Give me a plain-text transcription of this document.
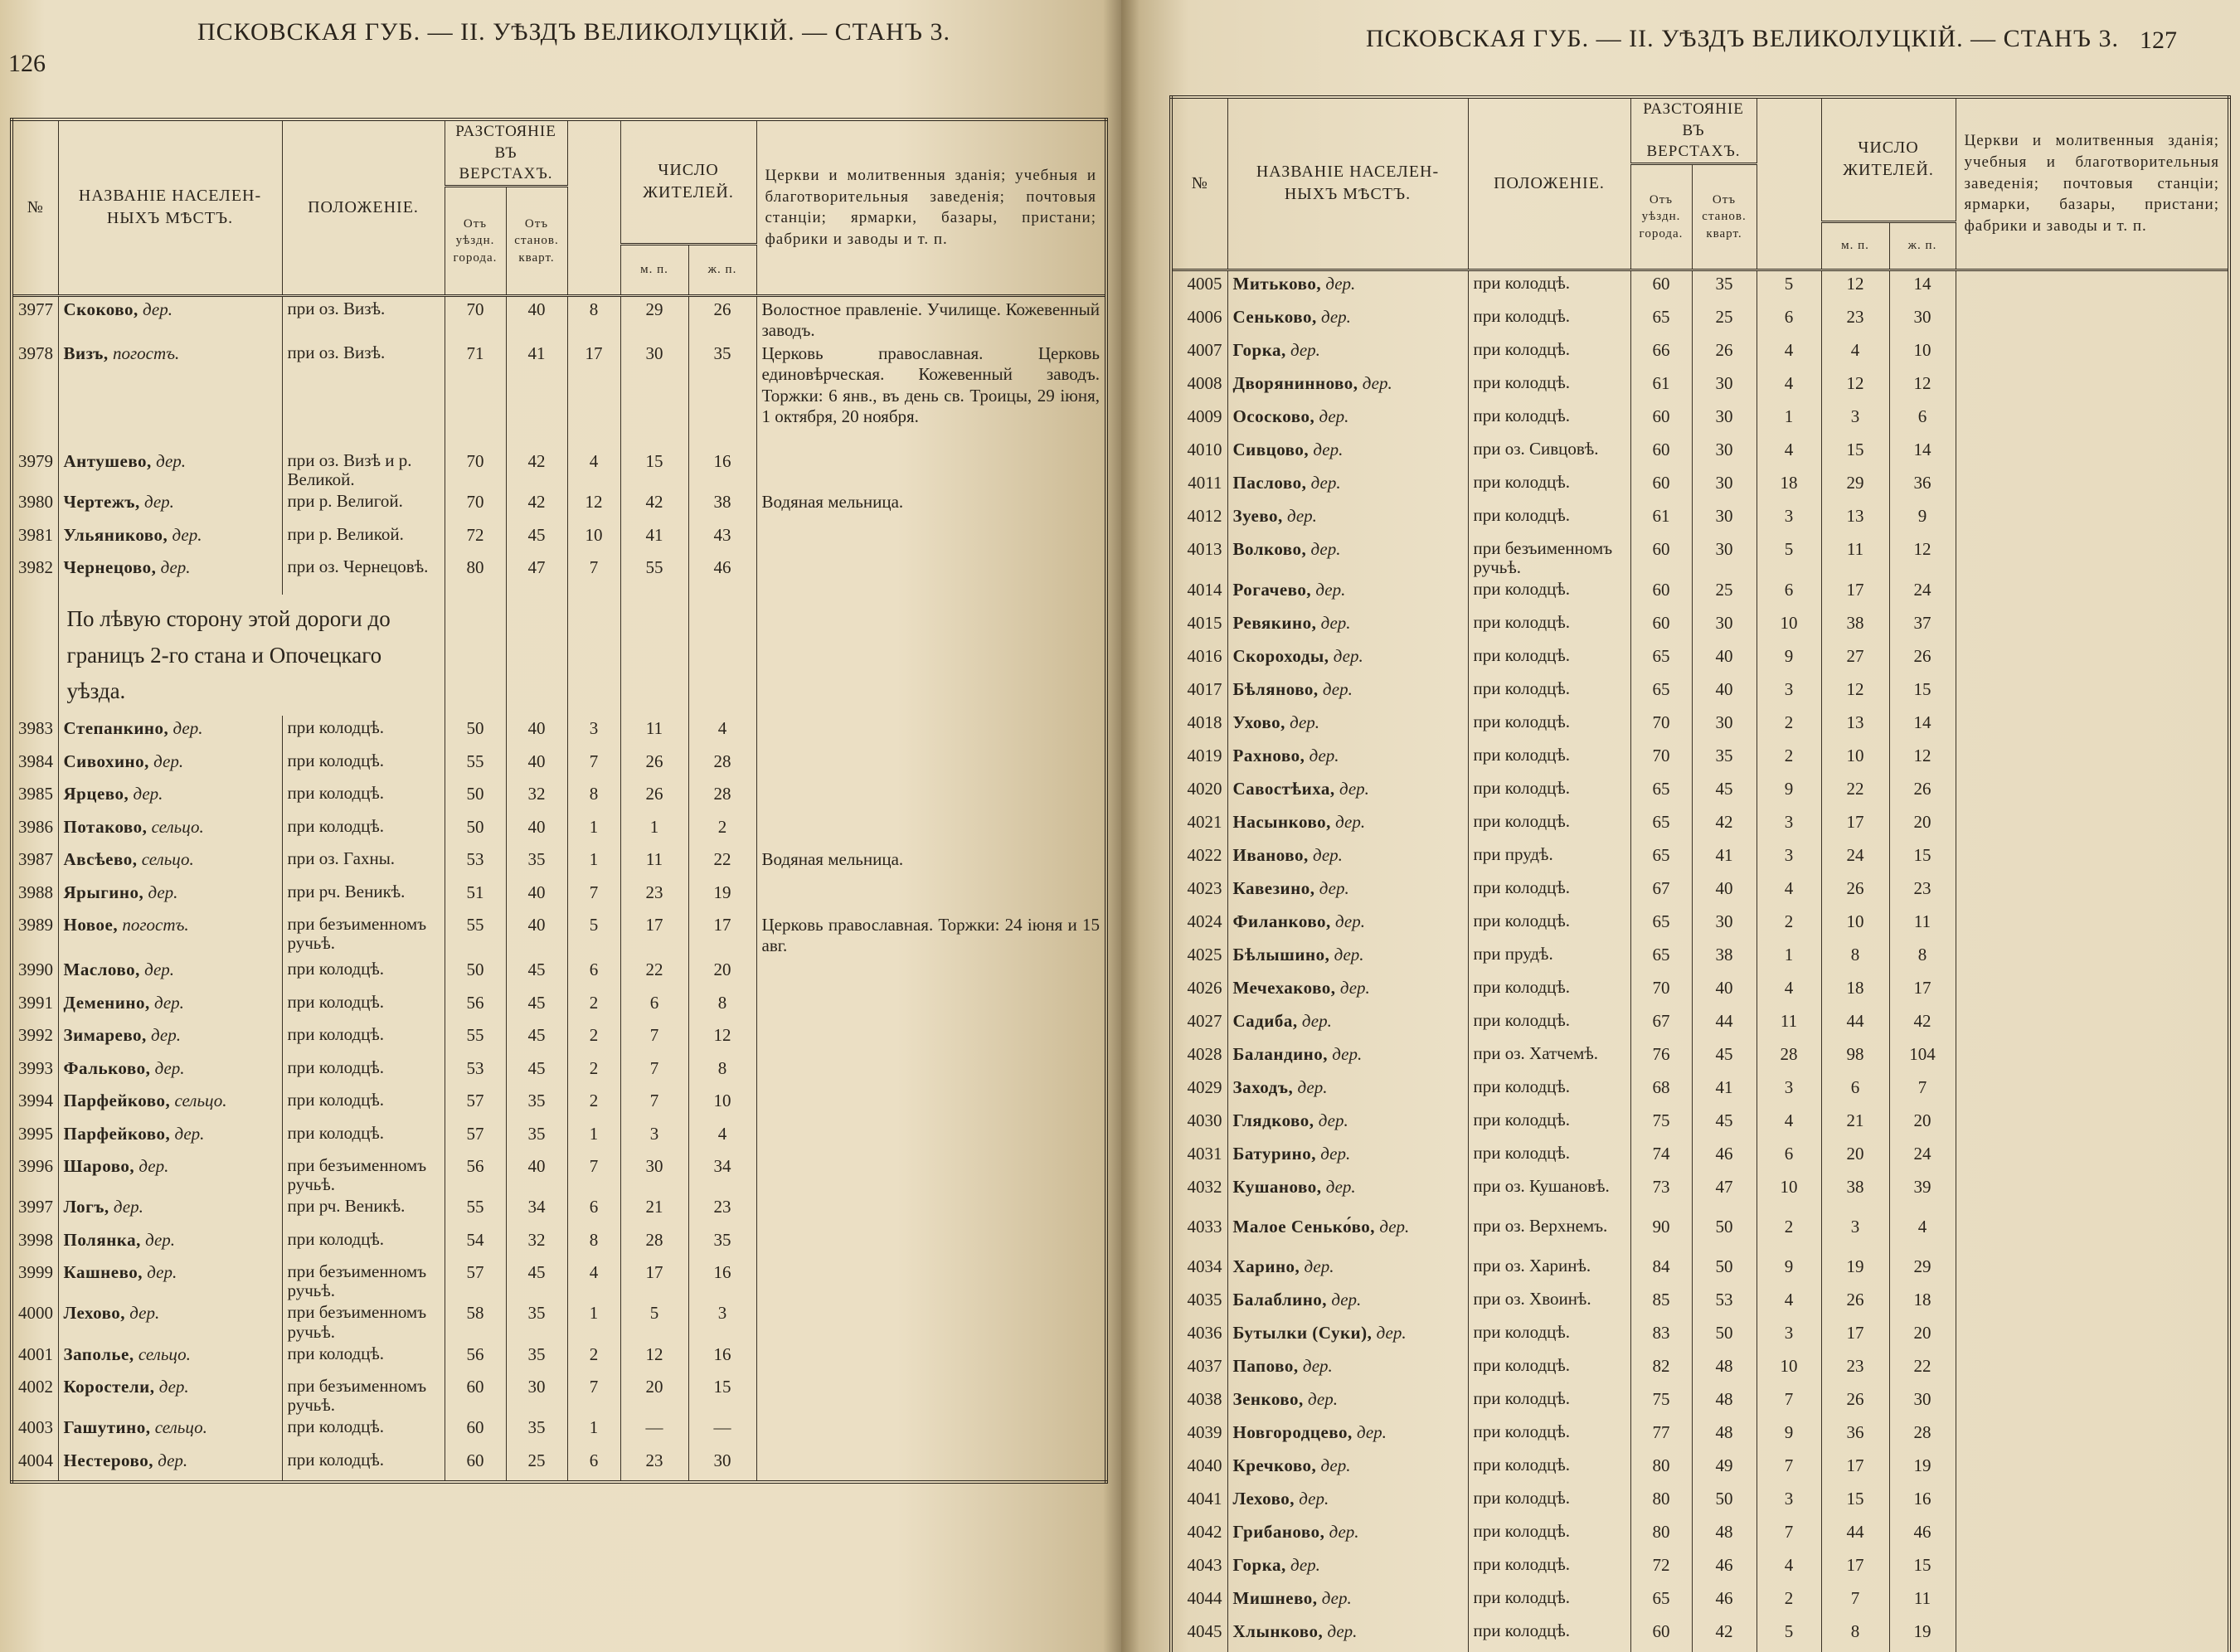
126
ПСКОВСКАЯ ГУБ. — II. УѢЗДЪ ВЕЛИКОЛУЦКІЙ. — СТАНЪ 3.
№	НАЗВАНІЕ НАСЕЛЕН-НЫХЪ МѢСТЪ.	ПОЛОЖЕНІЕ.	РАЗСТОЯНІЕ ВЪ ВЕРСТАХЪ.			ЧИСЛО ЖИТЕЛЕЙ.		Церкви и молитвенныя зданія; учебныя и благотворительныя заведенія; почтовыя станціи; ярмарки, базары, пристани; фабрики и заводы и т. п.
			Отъ уѣздн. города.	Отъ станов. кварт.				
						м. п.	ж. п.	
3977	Скоково, дер.	при оз. Визѣ.	70	40	8	29	26	Волостное правленіе. Училище. Кожевенный заводъ.
3978	Визъ, погостъ.	при оз. Визѣ.	71	41	17	30	35	Церковь православная. Церковь единовѣрческая. Кожевенный заводъ. Торжки: 6 янв., въ день св. Троицы, 29 іюня, 1 октября, 20 ноября.
3979	Антушево, дер.	при оз. Визѣ и р. Великой.	70	42	4	15	16	
3980	Чертежъ, дер.	при р. Велигой.	70	42	12	42	38	Водяная мельница.
3981	Ульяниково, дер.	при р. Великой.	72	45	10	41	43	
3982	Чернецово, дер.	при оз. Чернецовѣ.	80	47	7	55	46	
	По лѣвую сторону этой дороги до границъ 2-го стана и Опочецкаго уѣзда.							
3983	Степанкино, дер.	при колодцѣ.	50	40	3	11	4	
3984	Сивохино, дер.	при колодцѣ.	55	40	7	26	28	
3985	Ярцево, дер.	при колодцѣ.	50	32	8	26	28	
3986	Потаково, сельцо.	при колодцѣ.	50	40	1	1	2	
3987	Авсѣево, сельцо.	при оз. Гахны.	53	35	1	11	22	Водяная мельница.
3988	Ярыгино, дер.	при рч. Веникѣ.	51	40	7	23	19	
3989	Новое, погостъ.	при безъименномъ ручьѣ.	55	40	5	17	17	Церковь православная. Торжки: 24 іюня и 15 авг.
3990	Маслово, дер.	при колодцѣ.	50	45	6	22	20	
3991	Деменино, дер.	при колодцѣ.	56	45	2	6	8	
3992	Зимарево, дер.	при колодцѣ.	55	45	2	7	12	
3993	Фальково, дер.	при колодцѣ.	53	45	2	7	8	
3994	Парфейково, сельцо.	при колодцѣ.	57	35	2	7	10	
3995	Парфейково, дер.	при колодцѣ.	57	35	1	3	4	
3996	Шарово, дер.	при безъименномъ ручьѣ.	56	40	7	30	34	
3997	Логъ, дер.	при рч. Веникѣ.	55	34	6	21	23	
3998	Полянка, дер.	при колодцѣ.	54	32	8	28	35	
3999	Кашнево, дер.	при безъименномъ ручьѣ.	57	45	4	17	16	
4000	Лехово, дер.	при безъименномъ ручьѣ.	58	35	1	5	3	
4001	Заполье, сельцо.	при колодцѣ.	56	35	2	12	16	
4002	Коростели, дер.	при безъименномъ ручьѣ.	60	30	7	20	15	
4003	Гашутино, сельцо.	при колодцѣ.	60	35	1	—	—	
4004	Нестерово, дер.	при колодцѣ.	60	25	6	23	30	
ПСКОВСКАЯ ГУБ. — II. УѢЗДЪ ВЕЛИКОЛУЦКІЙ. — СТАНЪ 3. 127
№	НАЗВАНІЕ НАСЕЛЕН-НЫХЪ МѢСТЪ.	ПОЛОЖЕНІЕ.	РАЗСТОЯНІЕ ВЪ ВЕРСТАХЪ.			ЧИСЛО ЖИТЕЛЕЙ.		Церкви и молитвенныя зданія; учебныя и благотворительныя заведенія; почтовыя станціи; ярмарки, базары, пристани; фабрики и заводы и т. п.
			Отъ уѣздн. города.	Отъ станов. кварт.				
						м. п.	ж. п.	
4005	Митьково, дер.	при колодцѣ.	60	35	5	12	14	
4006	Сеньково, дер.	при колодцѣ.	65	25	6	23	30	
4007	Горка, дер.	при колодцѣ.	66	26	4	4	10	
4008	Дворянинново, дер.	при колодцѣ.	61	30	4	12	12	
4009	Ососково, дер.	при колодцѣ.	60	30	1	3	6	
4010	Сивцово, дер.	при оз. Сивцовѣ.	60	30	4	15	14	
4011	Паслово, дер.	при колодцѣ.	60	30	18	29	36	
4012	Зуево, дер.	при колодцѣ.	61	30	3	13	9	
4013	Волково, дер.	при безъименномъ ручьѣ.	60	30	5	11	12	
4014	Рогачево, дер.	при колодцѣ.	60	25	6	17	24	
4015	Ревякино, дер.	при колодцѣ.	60	30	10	38	37	
4016	Скороходы, дер.	при колодцѣ.	65	40	9	27	26	
4017	Бѣляново, дер.	при колодцѣ.	65	40	3	12	15	
4018	Ухово, дер.	при колодцѣ.	70	30	2	13	14	
4019	Рахново, дер.	при колодцѣ.	70	35	2	10	12	
4020	Савостѣиха, дер.	при колодцѣ.	65	45	9	22	26	
4021	Насынково, дер.	при колодцѣ.	65	42	3	17	20	
4022	Иваново, дер.	при прудѣ.	65	41	3	24	15	
4023	Кавезино, дер.	при колодцѣ.	67	40	4	26	23	
4024	Филанково, дер.	при колодцѣ.	65	30	2	10	11	
4025	Бѣлышино, дер.	при прудѣ.	65	38	1	8	8	
4026	Мечехаково, дер.	при колодцѣ.	70	40	4	18	17	
4027	Садиба, дер.	при колодцѣ.	67	44	11	44	42	
4028	Баландино, дер.	при оз. Хатчемѣ.	76	45	28	98	104	
4029	Заходъ, дер.	при колодцѣ.	68	41	3	6	7	
4030	Глядково, дер.	при колодцѣ.	75	45	4	21	20	
4031	Батурино, дер.	при колодцѣ.	74	46	6	20	24	
4032	Кушаново, дер.	при оз. Кушановѣ.	73	47	10	38	39	
4033	Малое Сенько́во, дер.	при оз. Верхнемъ.	90	50	2	3	4	
4034	Харино, дер.	при оз. Харинѣ.	84	50	9	19	29	
4035	Балаблино, дер.	при оз. Хвоинѣ.	85	53	4	26	18	
4036	Бутылки (Суки), дер.	при колодцѣ.	83	50	3	17	20	
4037	Папово, дер.	при колодцѣ.	82	48	10	23	22	
4038	Зенково, дер.	при колодцѣ.	75	48	7	26	30	
4039	Новгородцево, дер.	при колодцѣ.	77	48	9	36	28	
4040	Кречково, дер.	при колодцѣ.	80	49	7	17	19	
4041	Лехово, дер.	при колодцѣ.	80	50	3	15	16	
4042	Грибаново, дер.	при колодцѣ.	80	48	7	44	46	
4043	Горка, дер.	при колодцѣ.	72	46	4	17	15	
4044	Мишнево, дер.	при колодцѣ.	65	46	2	7	11	
4045	Хлынково, дер.	при колодцѣ.	60	42	5	8	19	
